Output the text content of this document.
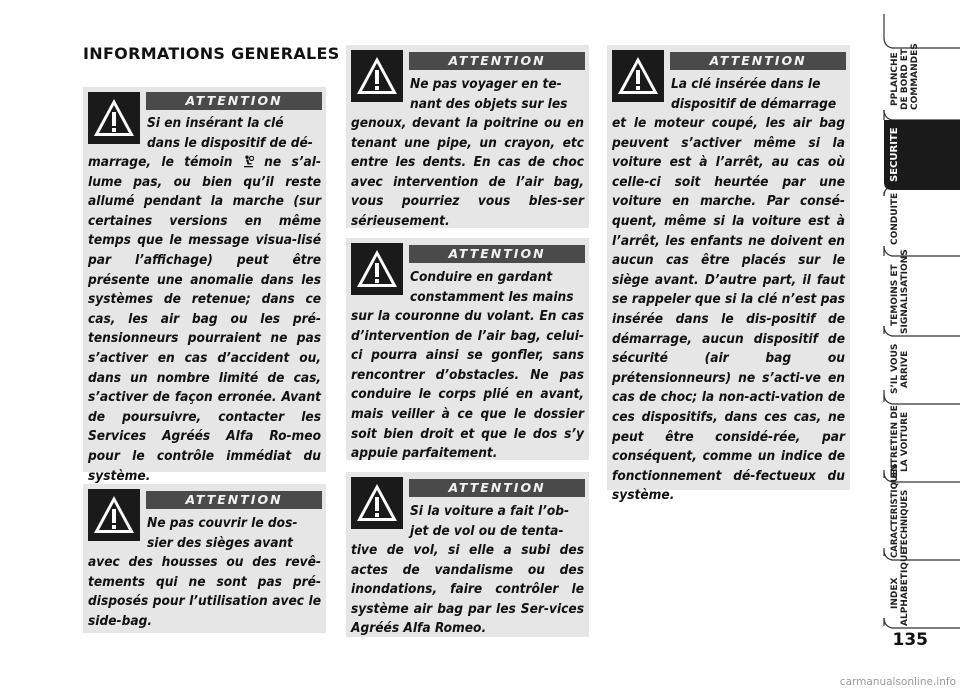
INFORMATIONS GENERALES
ATTENTION
Si en insérant la clé
dans le dispositif de dé-
marrage, le témoin  ne s’al-lume pas, ou bien qu’il reste allumé pendant la marche (sur certaines versions en même temps que le message visua-lisé par l’affichage) peut être présente une anomalie dans les systèmes de retenue; dans ce cas, les air bag ou les pré-tensionneurs pourraient ne pas s’activer en cas d’accident ou, dans un nombre limité de cas, s’activer de façon erronée. Avant de poursuivre, contacter les Services Agréés Alfa Ro-meo pour le contrôle immédiat du système.
ATTENTION
Ne pas couvrir le dos-
sier des sièges avant
avec des housses ou des revê-tements qui ne sont pas pré-disposés pour l’utilisation avec le side-bag.
ATTENTION
Ne pas voyager en te-
nant des objets sur les
genoux, devant la poitrine ou en tenant une pipe, un crayon, etc entre les dents. En cas de choc avec intervention de l’air bag, vous pourriez vous bles-ser sérieusement.
ATTENTION
Conduire en gardant
constamment les mains
sur la couronne du volant. En cas d’intervention de l’air bag, celui-ci pourra ainsi se gonfler, sans rencontrer d’obstacles. Ne pas conduire le corps plié en avant, mais veiller à ce que le dossier soit bien droit et que le dos s’y appuie parfaitement.
ATTENTION
Si la voiture a fait l’ob-
jet de vol ou de tenta-
tive de vol, si elle a subi des actes de vandalisme ou des inondations, faire contrôler le système air bag par les Ser-vices Agréés Alfa Romeo.
ATTENTION
La clé insérée dans le
dispositif de démarrage
et le moteur coupé, les air bag peuvent s’activer même si la voiture est à l’arrêt, au cas où celle-ci soit heurtée par une voiture en marche. Par consé-quent, même si la voiture est à l’arrêt, les enfants ne doivent en aucun cas être placés sur le siège avant. D’autre part, il faut se rappeler que si la clé n’est pas insérée dans le dis-positif de démarrage, aucun dispositif de sécurité (air bag ou prétensionneurs) ne s’acti-ve en cas de choc; la non-acti-vation de ces dispositifs, dans ces cas, ne peut être considé-rée, par conséquent, comme un indice de fonctionnement dé-fectueux du système.
PPLANCHE DE BORD ET COMMANDES
SECURITE
CONDUITE
TEMOINS ET SIGNALISATIONS
S’IL VOUS ARRIVE
ENTRETIEN DE LA VOITURE
CARACTERISTIQUES TECHNIQUES
INDEX ALPHABETIQUE
135
carmanualsonline.info
